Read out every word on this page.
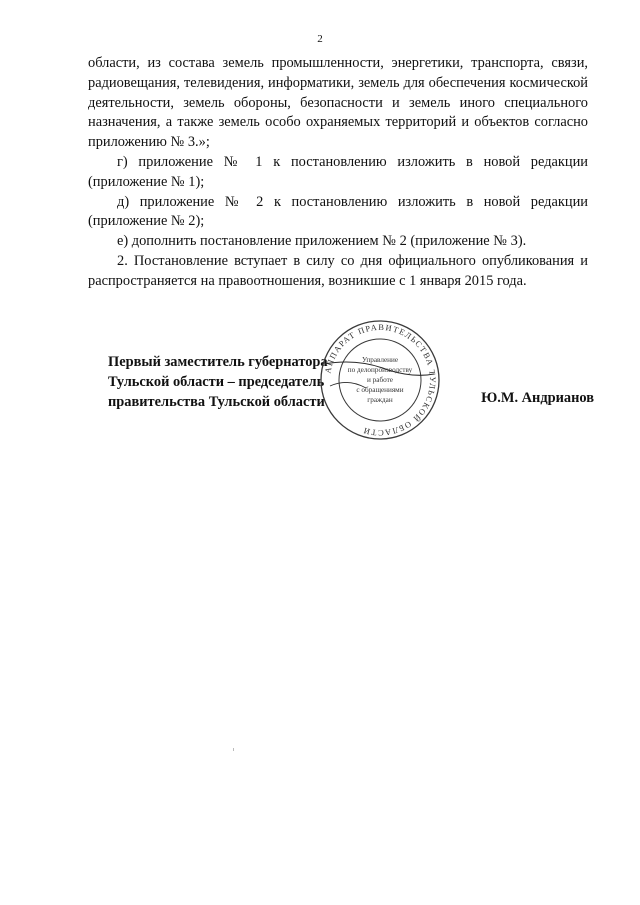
2

области, из состава земель промышленности, энергетики, транспорта, связи, радиовещания, телевидения, информатики, земель для обеспечения космической деятельности, земель обороны, безопасности и земель иного специального назначения, а также земель особо охраняемых территорий и объектов согласно приложению № 3.»;

г) приложение № 1 к постановлению изложить в новой редакции (приложение № 1);

д) приложение № 2 к постановлению изложить в новой редакции (приложение № 2);

е) дополнить постановление приложением № 2 (приложение № 3).

2. Постановление вступает в силу со дня официального опубликования и распространяется на правоотношения, возникшие с 1 января 2015 года.

Первый заместитель губернатора
Тульской области – председатель
правительства Тульской области	Ю.М. Андрианов
АППАРАТ ПРАВИТЕЛЬСТВА ТУЛЬСКОЙ ОБЛАСТИ
Управление
по делопроизводству
и работе
с обращениями
граждан
